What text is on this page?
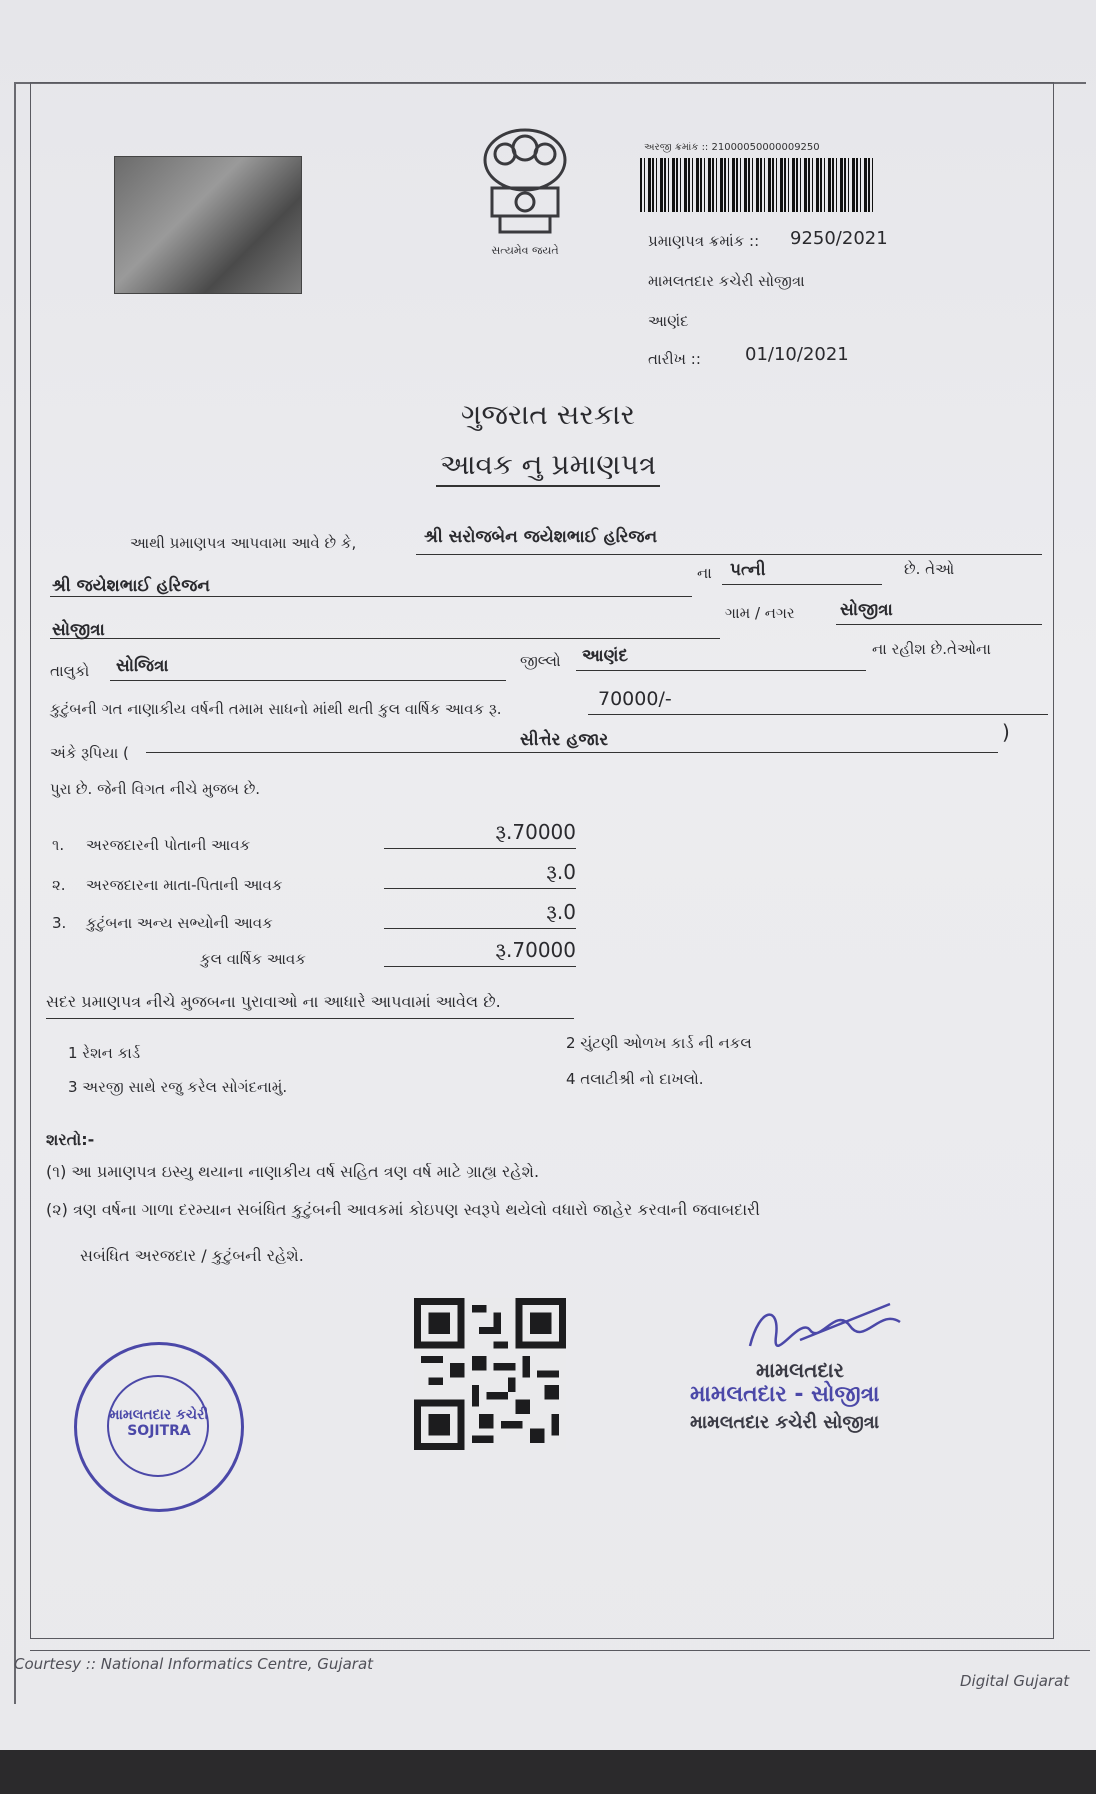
સત્યમેવ જયતે
અરજી ક્રમાંક :: 21000050000009250
પ્રમાણપત્ર ક્રમાંક :: 9250/2021
મામલતદાર કચેરી સોજીત્રા
આણંદ
તારીખ :: 01/10/2021
ગુજરાત સરકાર
આવક નુ પ્રમાણપત્ર
આથી પ્રમાણપત્ર આપવામા આવે છે કે,	શ્રી સરોજબેન જયેશભાઈ હરિજન
શ્રી જયેશભાઈ હરિજન
ના પત્ની	છે. તેઓ
ગામ / નગર	સોજીત્રા
સોજીત્રા
તાલુકો સોજિત્રા	જીલ્લો આણંદ	ના રહીશ છે.તેઓના
કુટુંબની ગત નાણાકીય વર્ષની તમામ સાધનો માંથી થતી કુલ વાર્ષિક આવક રૂ.	70000/-
અંકે રૂપિયા (
સીત્તેર હજાર	)
પુરા છે. જેની વિગત નીચે મુજબ છે.
૧. અરજદારની પોતાની આવક
રૂ.70000
૨. અરજદારના માતા-પિતાની આવક
રૂ.0
3. કુટુંબના અન્ય સભ્યોની આવક	રૂ.0
કુલ વાર્ષિક આવક	રૂ.70000
સદર પ્રમાણપત્ર નીચે મુજબના પુરાવાઓ ના આધારે આપવામાં આવેલ છે.
1 રેશન કાર્ડ
2 ચુંટણી ઓળખ કાર્ડ ની નકલ
3 અરજી સાથે રજુ કરેલ સોગંદનામું.	4 તલાટીશ્રી નો દાખલો.
શરતો:-
(૧) આ પ્રમાણપત્ર ઇસ્યુ થયાના નાણાકીય વર્ષ સહિત ત્રણ વર્ષ માટે ગ્રાહ્ય રહેશે.
(૨) ત્રણ વર્ષના ગાળા દરમ્યાન સબંધિત કુટુંબની આવકમાં કોઇપણ સ્વરૂપે થયેલો વધારો જાહેર કરવાની જવાબદારી
સબંધિત અરજદાર / કુટુંબની રહેશે.
મામલતદાર કચેરી SOJITRA
મામલતદાર
મામલતદાર - સોજીત્રા
મામલતદાર કચેરી સોજીત્રા
Courtesy :: National Informatics Centre, Gujarat
Digital Gujarat
